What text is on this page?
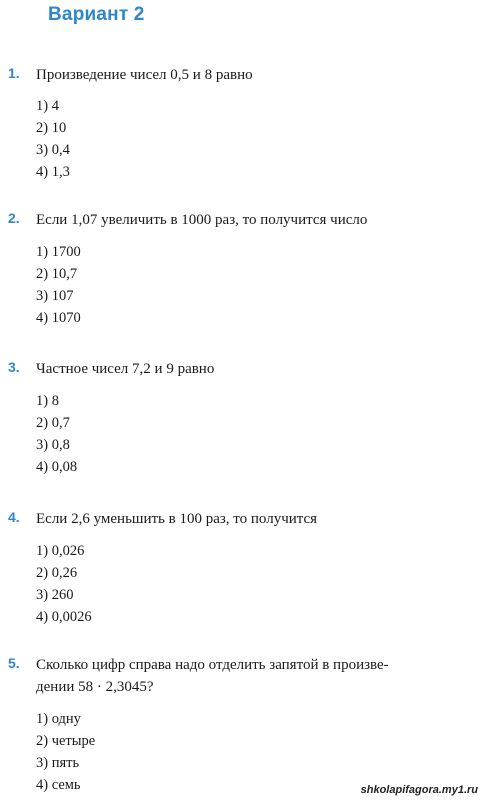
Вариант 2
1. Произведение чисел 0,5 и 8 равно
1) 4
2) 10
3) 0,4
4) 1,3
2. Если 1,07 увеличить в 1000 раз, то получится число
1) 1700
2) 10,7
3) 107
4) 1070
3. Частное чисел 7,2 и 9 равно
1) 8
2) 0,7
3) 0,8
4) 0,08
4. Если 2,6 уменьшить в 100 раз, то получится
1) 0,026
2) 0,26
3) 260
4) 0,0026
5. Сколько цифр справа надо отделить запятой в произве-
дении 58 · 2,3045?
1) одну
2) четыре
3) пять
4) семь	shkolapifagora.my1.ru
